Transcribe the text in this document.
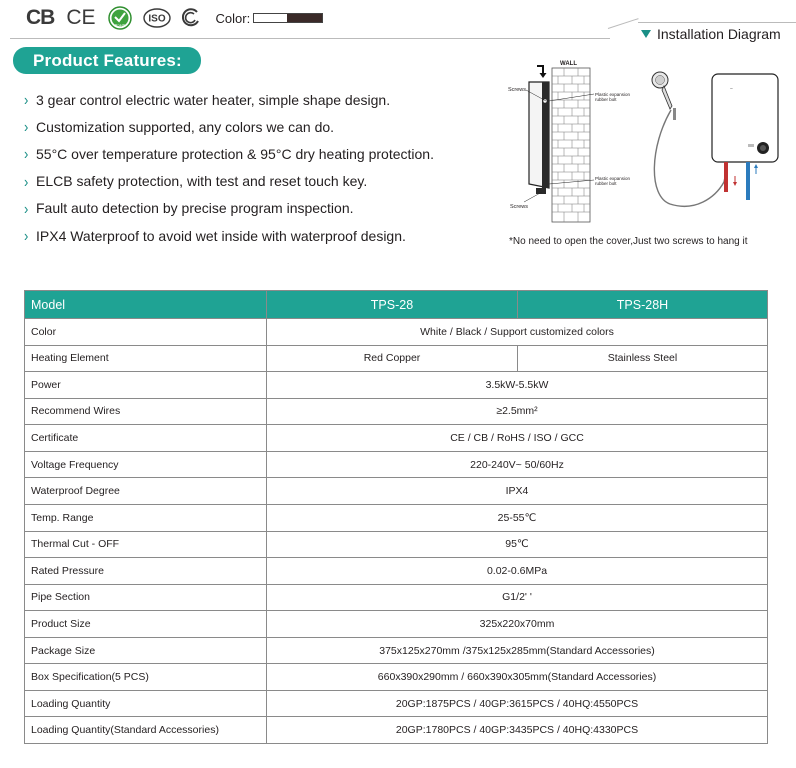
CB CE	RoHS
ISO	Color:
Installation Diagram
Product Features:
› 3 gear control electric water heater, simple shape design.
› Customization supported, any colors we can do.
› 55°C over temperature protection & 95°C dry heating protection.
› ELCB safety protection, with test and reset touch key.
› Fault auto detection by precise program inspection.
› IPX4 Waterproof to avoid wet inside with waterproof design.
WALL
Screws
Screws
Plastic expansion
rubber bolt
Plastic expansion
rubber bolt
~
*No need to open the cover,Just two screws to hang it
Model	TPS-28	TPS-28H
Color	White / Black / Support customized colors	
Heating Element	Red Copper	Stainless Steel
Power	3.5kW-5.5kW	
Recommend Wires	≥2.5mm²	
Certificate	CE / CB / RoHS / ISO / GCC	
Voltage Frequency	220-240V~ 50/60Hz	
Waterproof Degree	IPX4	
Temp. Range	25-55℃	
Thermal Cut - OFF	95℃	
Rated Pressure	0.02-0.6MPa	
Pipe Section	G1/2' '	
Product Size	325x220x70mm	
Package Size	375x125x270mm /375x125x285mm(Standard Accessories)	
Box Specification(5 PCS)	660x390x290mm / 660x390x305mm(Standard Accessories)	
Loading Quantity	20GP:1875PCS / 40GP:3615PCS / 40HQ:4550PCS	
Loading Quantity(Standard Accessories)	20GP:1780PCS / 40GP:3435PCS / 40HQ:4330PCS	
